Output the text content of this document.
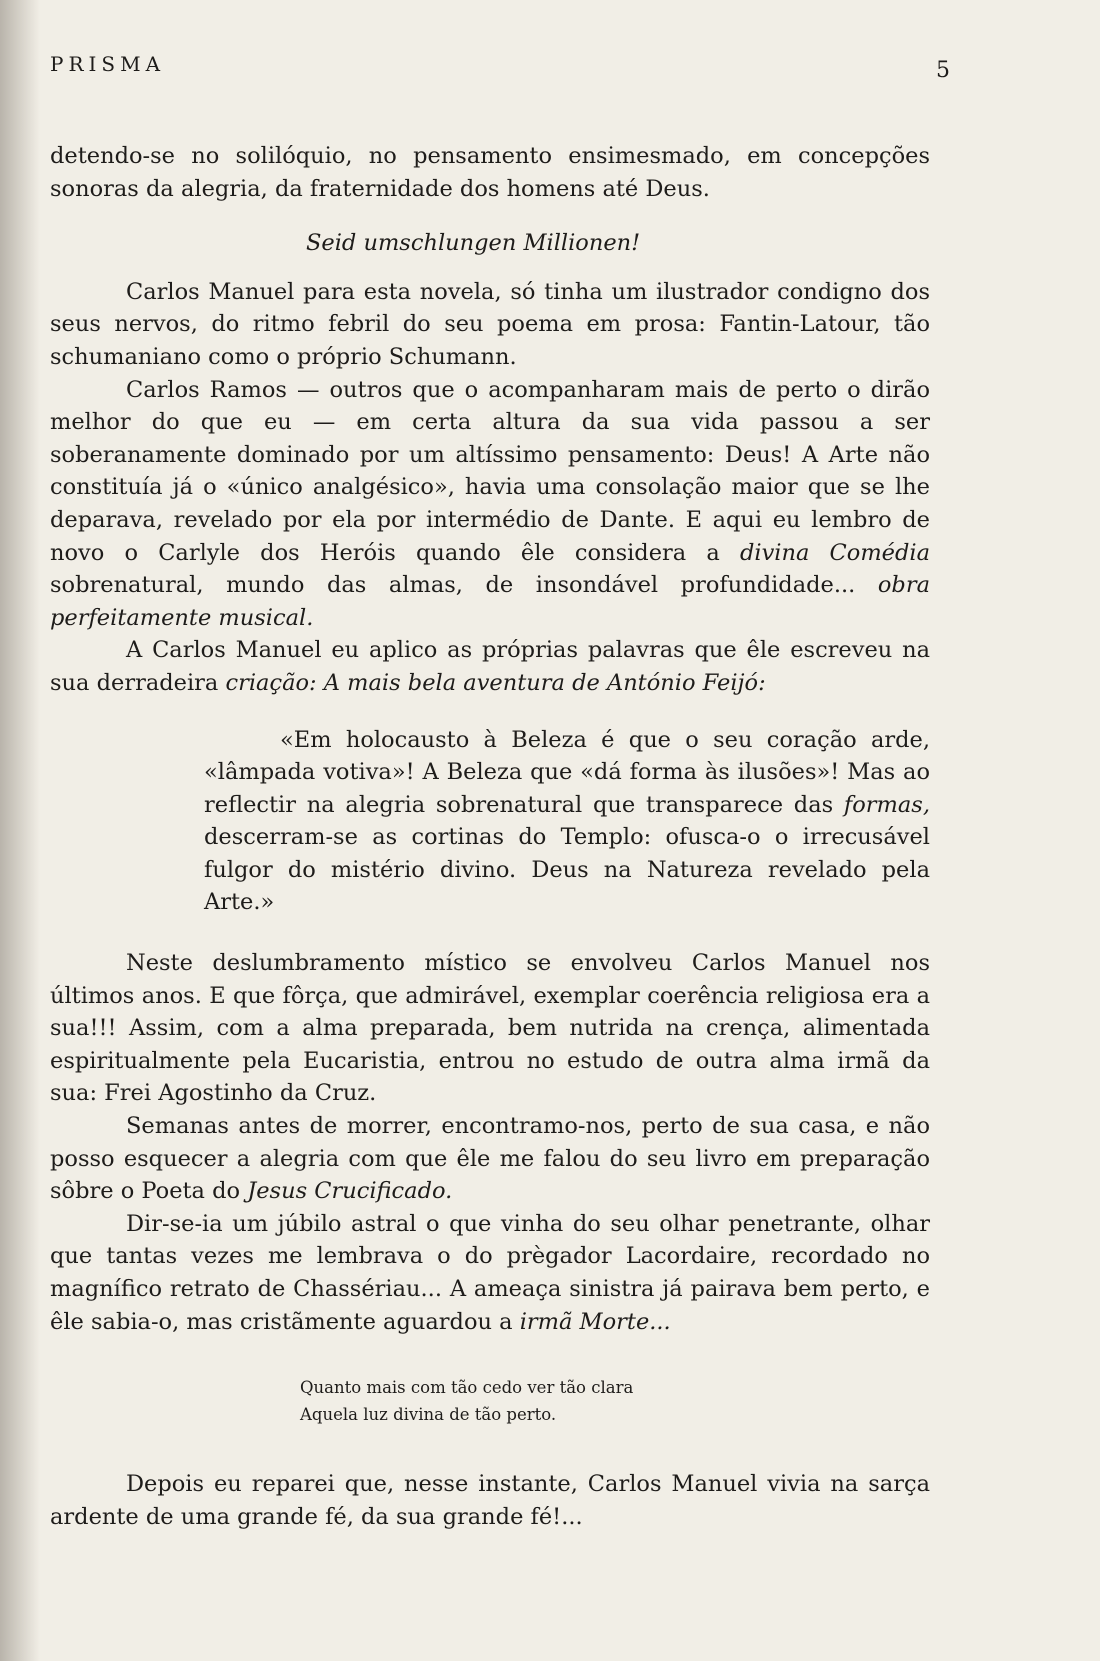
PRISMA	5

detendo-se no solilóquio, no pensamento ensimesmado, em concepções sonoras da alegria, da fraternidade dos homens até Deus.

Seid umschlungen Millionen!

Carlos Manuel para esta novela, só tinha um ilustrador condigno dos seus nervos, do ritmo febril do seu poema em prosa: Fantin-Latour, tão schumaniano como o próprio Schumann.

Carlos Ramos — outros que o acompanharam mais de perto o dirão melhor do que eu — em certa altura da sua vida passou a ser soberanamente dominado por um altíssimo pensamento: Deus! A Arte não constituía já o «único analgésico», havia uma consolação maior que se lhe deparava, revelado por ela por intermédio de Dante. E aqui eu lembro de novo o Carlyle dos Heróis quando êle considera a divina Comédia sobrenatural, mundo das almas, de insondável profundidade... obra perfeitamente musical.

A Carlos Manuel eu aplico as próprias palavras que êle escreveu na sua derradeira criação: A mais bela aventura de António Feijó:

«Em holocausto à Beleza é que o seu coração arde, «lâmpada votiva»! A Beleza que «dá forma às ilusões»! Mas ao reflectir na alegria sobrenatural que transparece das formas, descerram-se as cortinas do Templo: ofusca-o o irrecusável fulgor do mistério divino. Deus na Natureza revelado pela Arte.»

Neste deslumbramento místico se envolveu Carlos Manuel nos últimos anos. E que fôrça, que admirável, exemplar coerência religiosa era a sua!!! Assim, com a alma preparada, bem nutrida na crença, alimentada espiritualmente pela Eucaristia, entrou no estudo de outra alma irmã da sua: Frei Agostinho da Cruz.

Semanas antes de morrer, encontramo-nos, perto de sua casa, e não posso esquecer a alegria com que êle me falou do seu livro em preparação sôbre o Poeta do Jesus Crucificado.

Dir-se-ia um júbilo astral o que vinha do seu olhar penetrante, olhar que tantas vezes me lembrava o do prègador Lacordaire, recordado no magnífico retrato de Chassériau... A ameaça sinistra já pairava bem perto, e êle sabia-o, mas cristãmente aguardou a irmã Morte...

Quanto mais com tão cedo ver tão clara
Aquela luz divina de tão perto.

Depois eu reparei que, nesse instante, Carlos Manuel vivia na sarça ardente de uma grande fé, da sua grande fé!...
